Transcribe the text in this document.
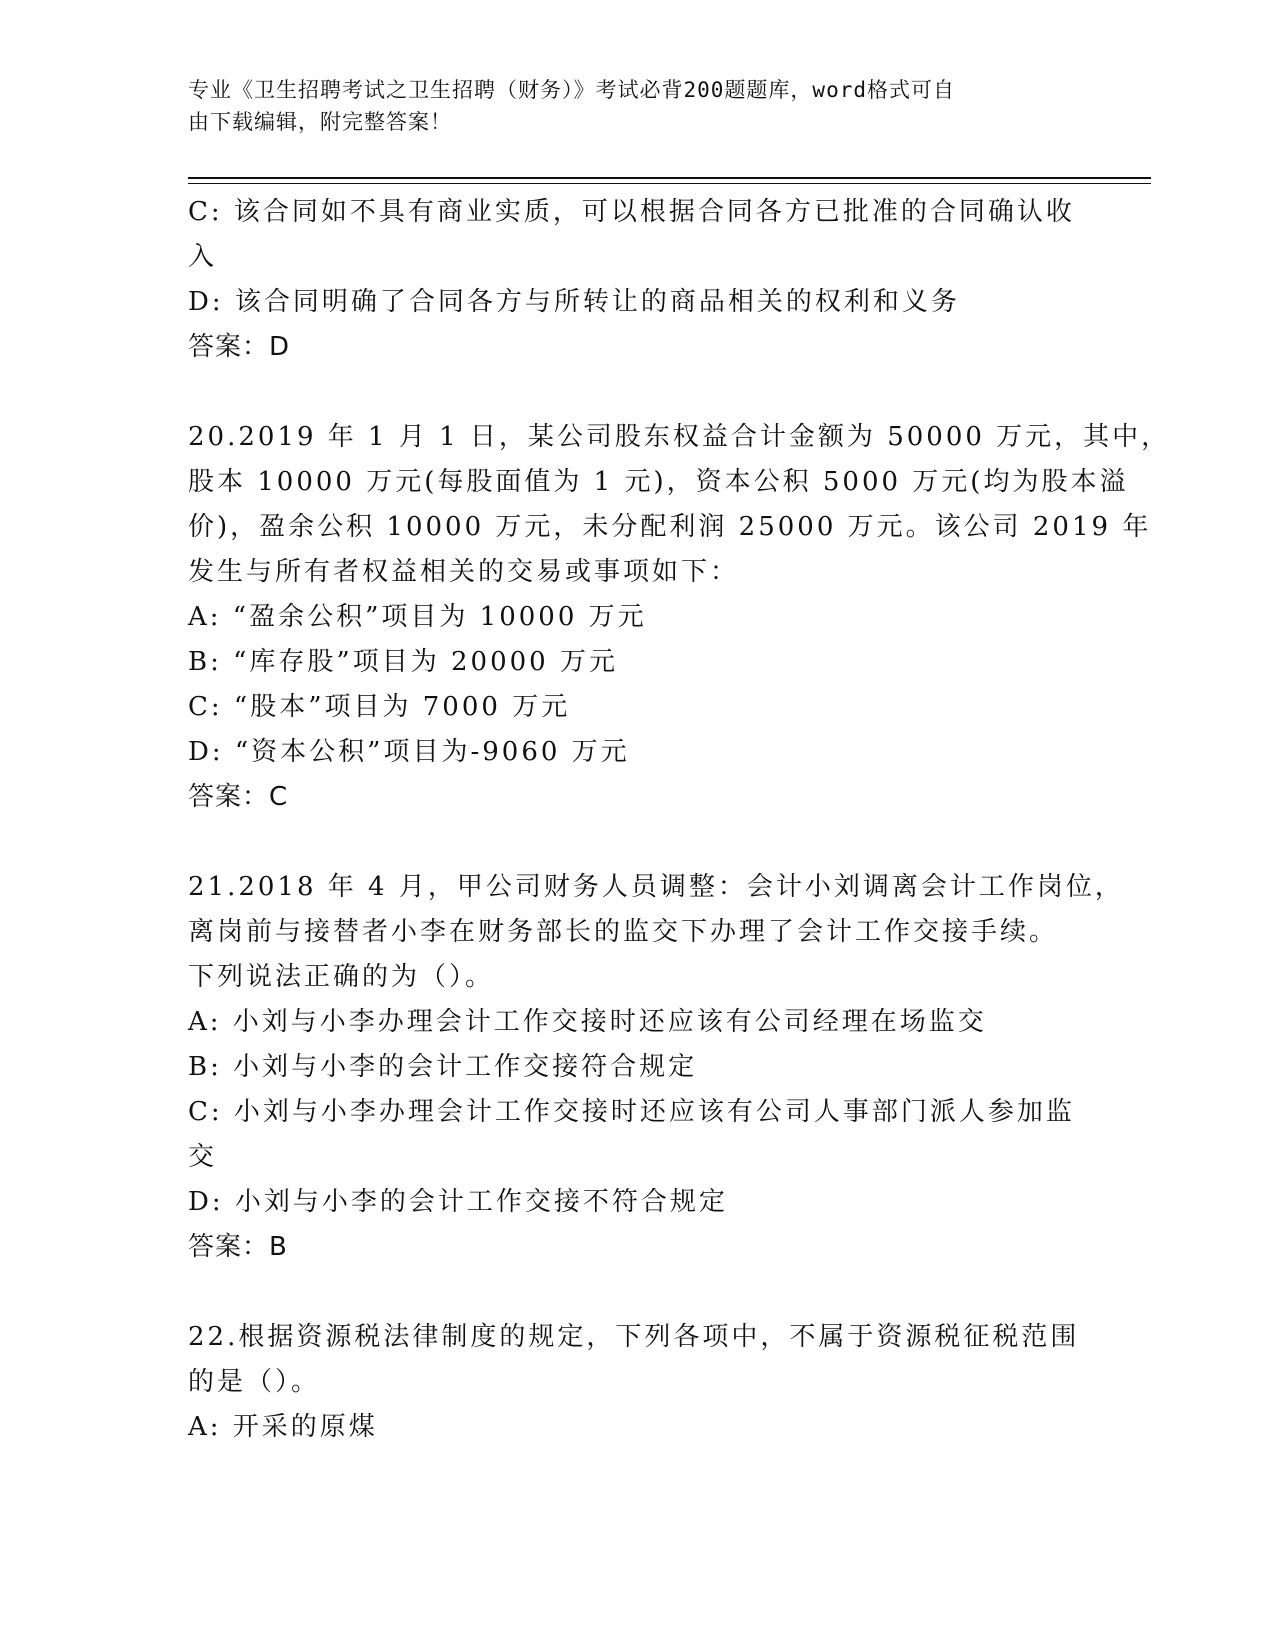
专业《卫生招聘考试之卫生招聘（财务）》考试必背200题题库，word格式可自
由下载编辑，附完整答案！
C: 该合同如不具有商业实质，可以根据合同各方已批准的合同确认收
入
D: 该合同明确了合同各方与所转让的商品相关的权利和义务
答案：D
20.2019 年 1 月 1 日，某公司股东权益合计金额为 50000 万元，其中，
股本 10000 万元(每股面值为 1 元)，资本公积 5000 万元(均为股本溢
价)，盈余公积 10000 万元，未分配利润 25000 万元。该公司 2019 年
发生与所有者权益相关的交易或事项如下：
A: “盈余公积”项目为 10000 万元
B: “库存股”项目为 20000 万元
C: “股本”项目为 7000 万元
D: “资本公积”项目为-9060 万元
答案：C
21.2018 年 4 月，甲公司财务人员调整：会计小刘调离会计工作岗位，
离岗前与接替者小李在财务部长的监交下办理了会计工作交接手续。
下列说法正确的为（）。
A: 小刘与小李办理会计工作交接时还应该有公司经理在场监交
B: 小刘与小李的会计工作交接符合规定
C: 小刘与小李办理会计工作交接时还应该有公司人事部门派人参加监
交
D: 小刘与小李的会计工作交接不符合规定
答案：B
22.根据资源税法律制度的规定，下列各项中，不属于资源税征税范围
的是（）。
A: 开采的原煤
